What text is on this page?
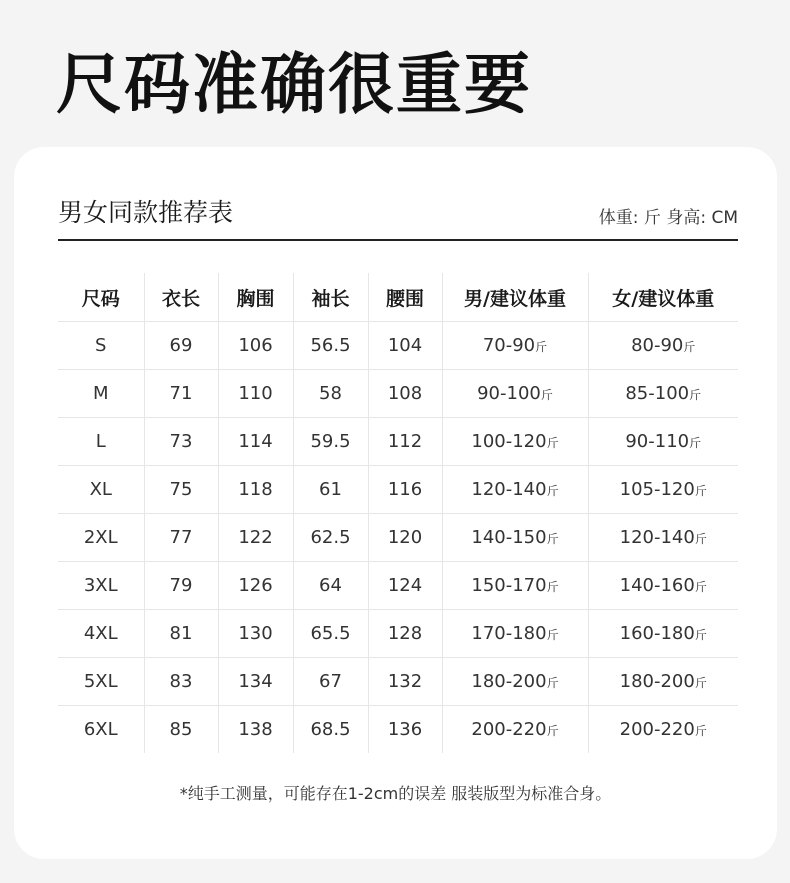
尺码准确很重要
男女同款推荐表	体重: 斤 身高: CM
尺码	衣长	胸围	袖长	腰围	男/建议体重	女/建议体重
S	69	106	56.5	104	70-90斤	80-90斤
M	71	110	58	108	90-100斤	85-100斤
L	73	114	59.5	112	100-120斤	90-110斤
XL	75	118	61	116	120-140斤	105-120斤
2XL	77	122	62.5	120	140-150斤	120-140斤
3XL	79	126	64	124	150-170斤	140-160斤
4XL	81	130	65.5	128	170-180斤	160-180斤
5XL	83	134	67	132	180-200斤	180-200斤
6XL	85	138	68.5	136	200-220斤	200-220斤
*纯手工测量，可能存在1-2cm的误差 服装版型为标准合身。
